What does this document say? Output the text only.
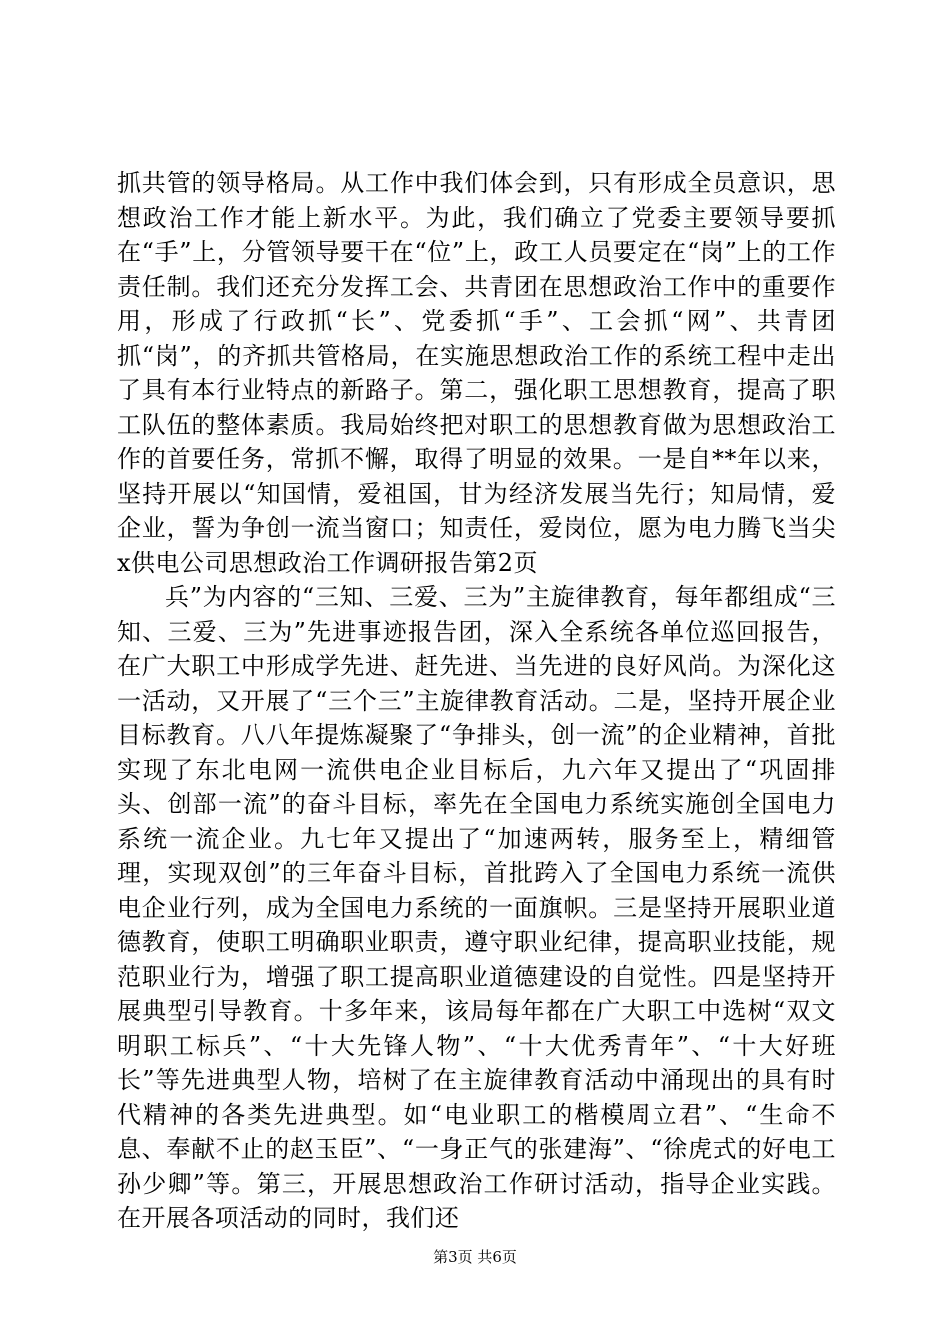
抓共管的领导格局。从工作中我们体会到，只有形成全员意识，思想政治工作才能上新水平。为此，我们确立了党委主要领导要抓在“手”上，分管领导要干在“位”上，政工人员要定在“岗”上的工作责任制。我们还充分发挥工会、共青团在思想政治工作中的重要作用，形成了行政抓“长”、党委抓“手”、工会抓“网”、共青团抓“岗”，的齐抓共管格局，在实施思想政治工作的系统工程中走出了具有本行业特点的新路子。第二，强化职工思想教育，提高了职工队伍的整体素质。我局始终把对职工的思想教育做为思想政治工作的首要任务，常抓不懈，取得了明显的效果。一是自**年以来，坚持开展以“知国情，爱祖国，甘为经济发展当先行；知局情，爱企业，誓为争创一流当窗口；知责任，爱岗位，愿为电力腾飞当尖x供电公司思想政治工作调研报告第2页

兵”为内容的“三知、三爱、三为”主旋律教育，每年都组成“三知、三爱、三为”先进事迹报告团，深入全系统各单位巡回报告，在广大职工中形成学先进、赶先进、当先进的良好风尚。为深化这一活动，又开展了“三个三”主旋律教育活动。二是，坚持开展企业目标教育。八八年提炼凝聚了“争排头，创一流”的企业精神，首批实现了东北电网一流供电企业目标后，九六年又提出了“巩固排头、创部一流”的奋斗目标，率先在全国电力系统实施创全国电力系统一流企业。九七年又提出了“加速两转，服务至上，精细管理，实现双创”的三年奋斗目标，首批跨入了全国电力系统一流供电企业行列，成为全国电力系统的一面旗帜。三是坚持开展职业道德教育，使职工明确职业职责，遵守职业纪律，提高职业技能，规范职业行为，增强了职工提高职业道德建设的自觉性。四是坚持开展典型引导教育。十多年来，该局每年都在广大职工中选树“双文明职工标兵”、“十大先锋人物”、“十大优秀青年”、“十大好班长”等先进典型人物，培树了在主旋律教育活动中涌现出的具有时代精神的各类先进典型。如“电业职工的楷模周立君”、“生命不息、奉献不止的赵玉臣”、“一身正气的张建海”、“徐虎式的好电工孙少卿”等。第三，开展思想政治工作研讨活动，指导企业实践。在开展各项活动的同时，我们还

第3页 共6页
